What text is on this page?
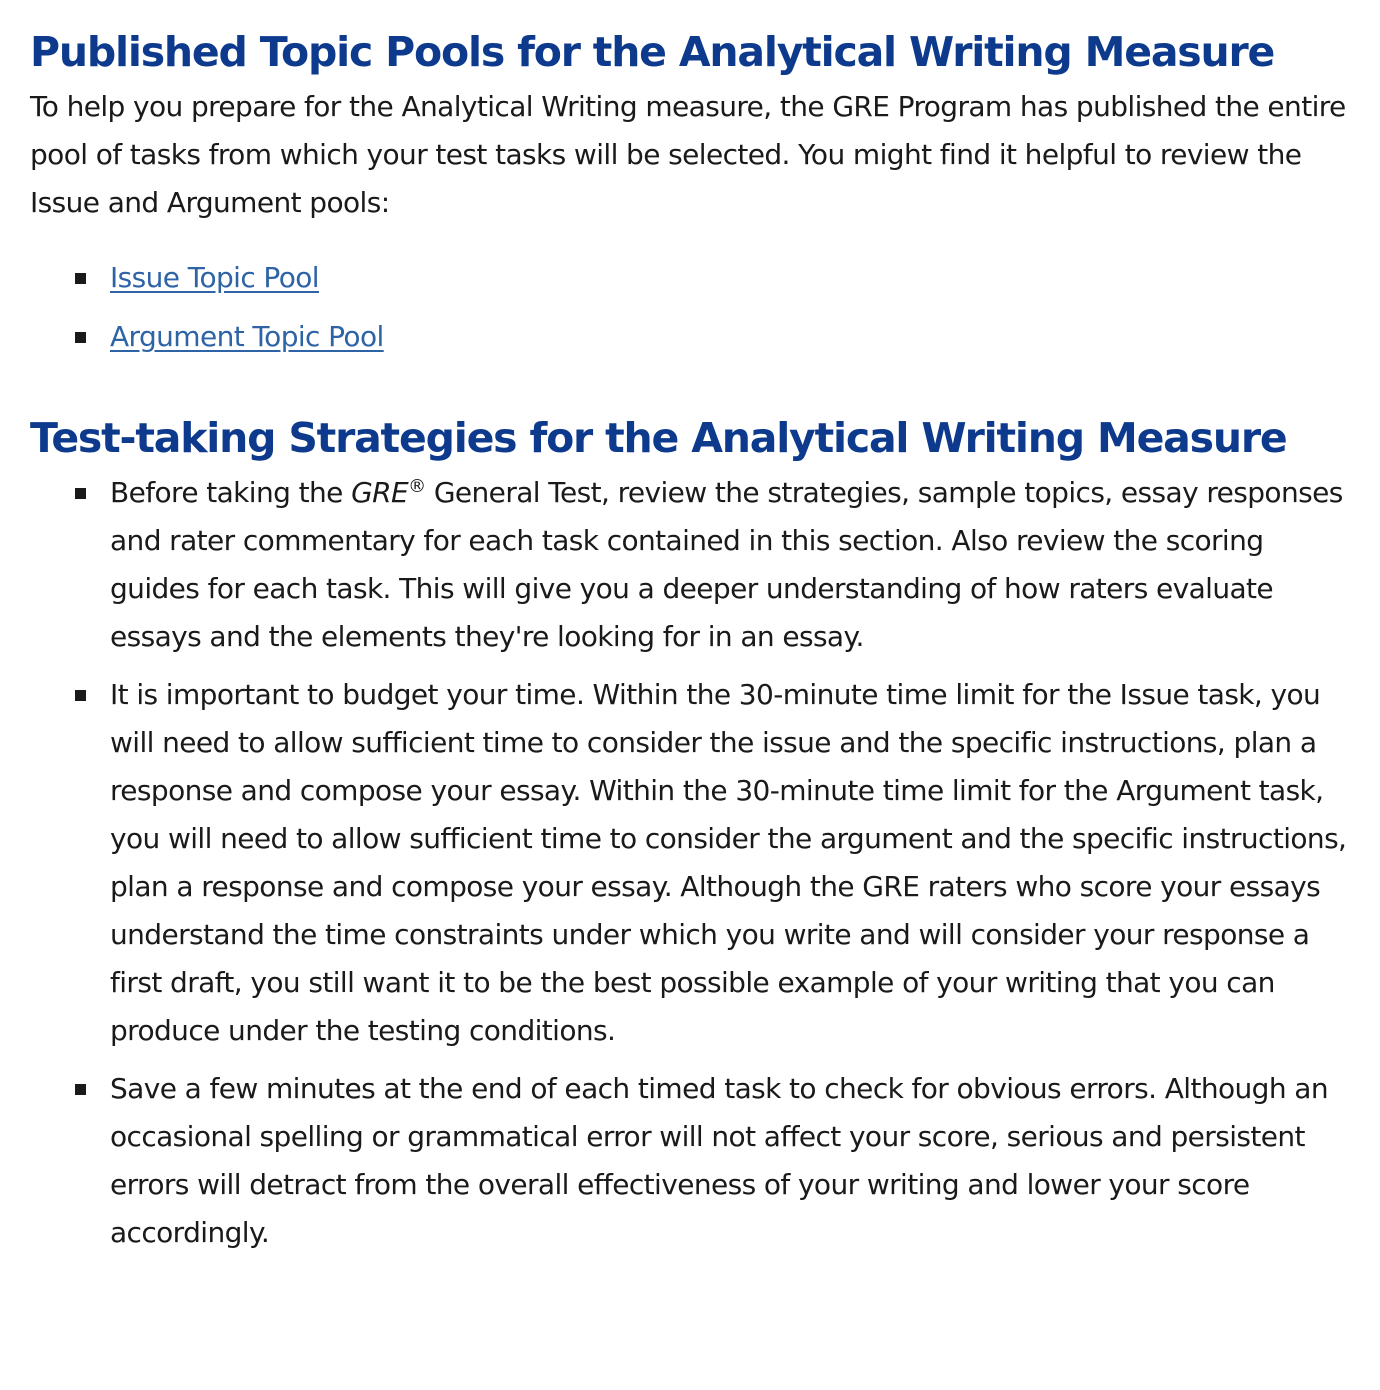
Published Topic Pools for the Analytical Writing Measure

To help you prepare for the Analytical Writing measure, the GRE Program has published the entire pool of tasks from which your test tasks will be selected. You might find it helpful to review the Issue and Argument pools:

Issue Topic Pool
Argument Topic Pool
Test-taking Strategies for the Analytical Writing Measure
Before taking the GRE® General Test, review the strategies, sample topics, essay responses and rater commentary for each task contained in this section. Also review the scoring guides for each task. This will give you a deeper understanding of how raters evaluate essays and the elements they're looking for in an essay.
It is important to budget your time. Within the 30-minute time limit for the Issue task, you will need to allow sufficient time to consider the issue and the specific instructions, plan a response and compose your essay. Within the 30-minute time limit for the Argument task, you will need to allow sufficient time to consider the argument and the specific instructions, plan a response and compose your essay. Although the GRE raters who score your essays understand the time constraints under which you write and will consider your response a first draft, you still want it to be the best possible example of your writing that you can produce under the testing conditions.
Save a few minutes at the end of each timed task to check for obvious errors. Although an occasional spelling or grammatical error will not affect your score, serious and persistent errors will detract from the overall effectiveness of your writing and lower your score accordingly.
